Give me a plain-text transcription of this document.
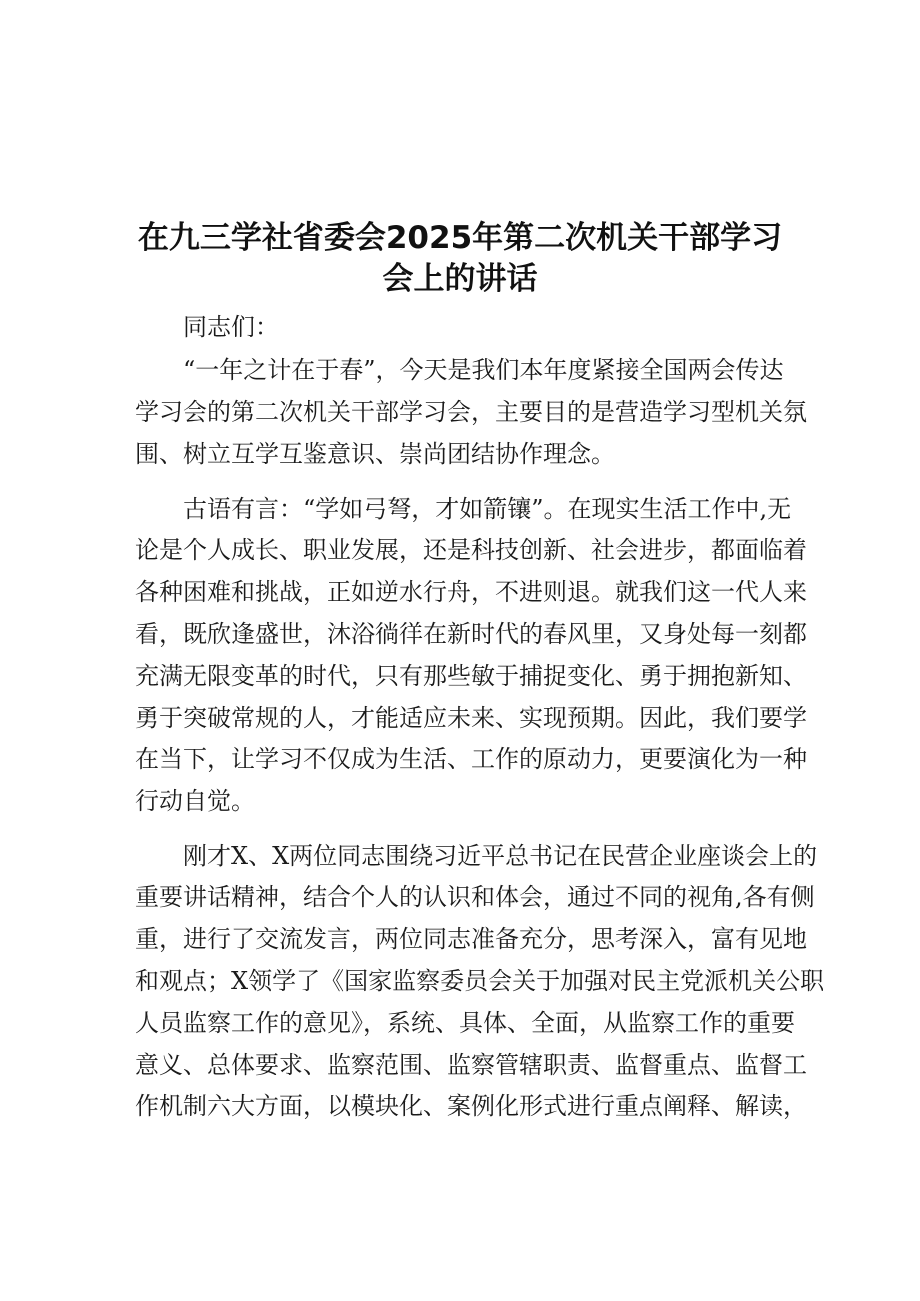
在九三学社省委会2025年第二次机关干部学习
会上的讲话
同志们：
“一年之计在于春”，今天是我们本年度紧接全国两会传达
学习会的第二次机关干部学习会，主要目的是营造学习型机关氛
围、树立互学互鉴意识、崇尚团结协作理念。
古语有言：“学如弓弩，才如箭镶”。在现实生活工作中,无
论是个人成长、职业发展，还是科技创新、社会进步，都面临着
各种困难和挑战，正如逆水行舟，不进则退。就我们这一代人来
看，既欣逢盛世，沐浴徜徉在新时代的春风里，又身处每一刻都
充满无限变革的时代，只有那些敏于捕捉变化、勇于拥抱新知、
勇于突破常规的人，才能适应未来、实现预期。因此，我们要学
在当下，让学习不仅成为生活、工作的原动力，更要演化为一种
行动自觉。
刚才X、X两位同志围绕习近平总书记在民营企业座谈会上的
重要讲话精神，结合个人的认识和体会，通过不同的视角,各有侧
重，进行了交流发言，两位同志准备充分，思考深入，富有见地
和观点；X领学了《国家监察委员会关于加强对民主党派机关公职
人员监察工作的意见》，系统、具体、全面，从监察工作的重要
意义、总体要求、监察范围、监察管辖职责、监督重点、监督工
作机制六大方面，以模块化、案例化形式进行重点阐释、解读，
